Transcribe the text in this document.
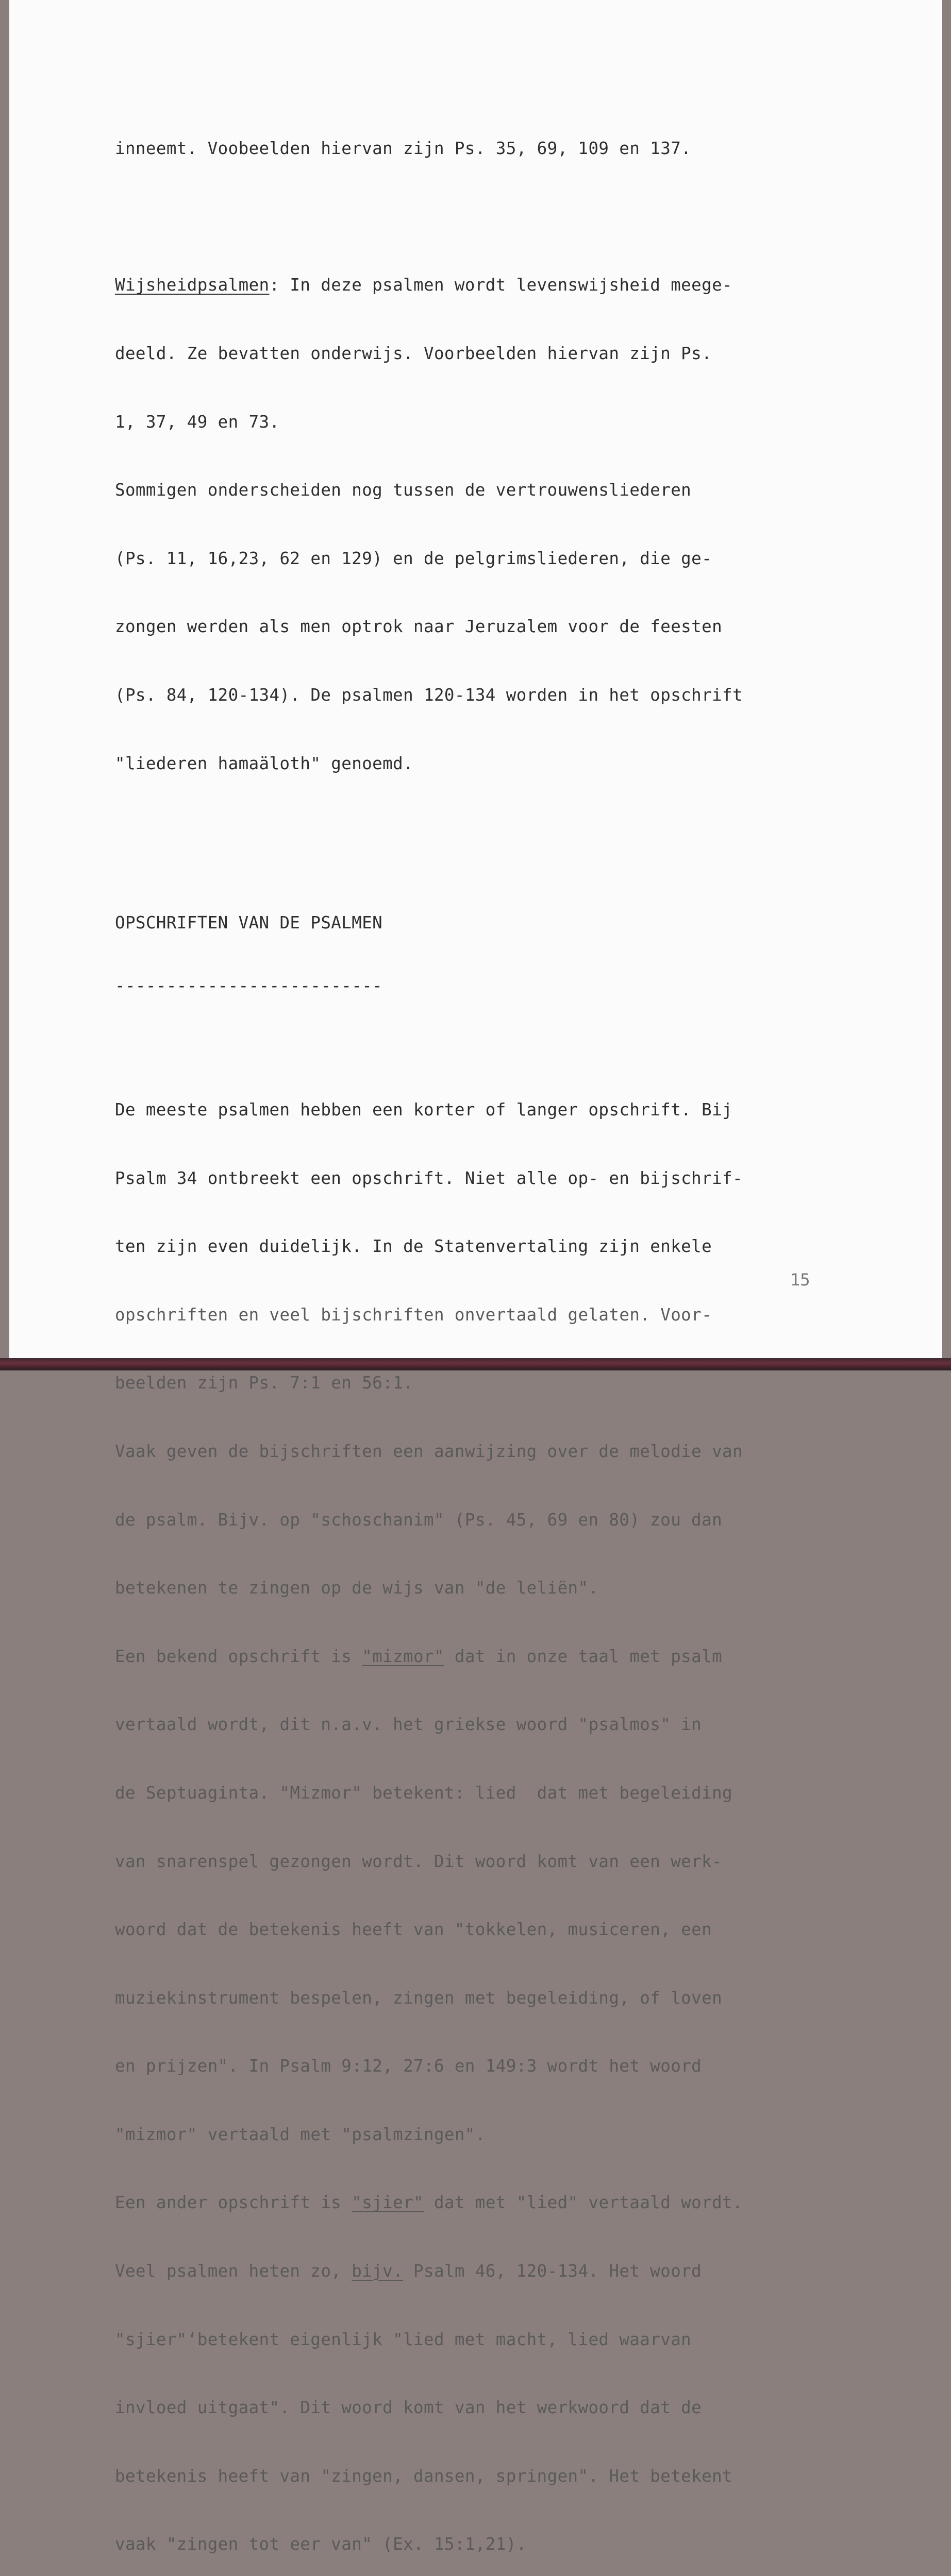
inneemt. Voobeelden hiervan zijn Ps. 35, 69, 109 en 137.

Wijsheidpsalmen: In deze psalmen wordt levenswijsheid meege-

deeld. Ze bevatten onderwijs. Voorbeelden hiervan zijn Ps.

1, 37, 49 en 73.

Sommigen onderscheiden nog tussen de vertrouwensliederen

(Ps. 11, 16,23, 62 en 129) en de pelgrimsliederen, die ge-

zongen werden als men optrok naar Jeruzalem voor de feesten

(Ps. 84, 120-134). De psalmen 120-134 worden in het opschrift

"liederen hamaäloth" genoemd.

OPSCHRIFTEN VAN DE PSALMEN

--------------------------

De meeste psalmen hebben een korter of langer opschrift. Bij

Psalm 34 ontbreekt een opschrift. Niet alle op- en bijschrif-

ten zijn even duidelijk. In de Statenvertaling zijn enkele

opschriften en veel bijschriften onvertaald gelaten. Voor-

beelden zijn Ps. 7:1 en 56:1.

Vaak geven de bijschriften een aanwijzing over de melodie van

de psalm. Bijv. op "schoschanim" (Ps. 45, 69 en 80) zou dan

betekenen te zingen op de wijs van "de leliën".

Een bekend opschrift is "mizmor" dat in onze taal met psalm

vertaald wordt, dit n.a.v. het griekse woord "psalmos" in

de Septuaginta. "Mizmor" betekent: lied  dat met begeleiding

van snarenspel gezongen wordt. Dit woord komt van een werk-

woord dat de betekenis heeft van "tokkelen, musiceren, een

muziekinstrument bespelen, zingen met begeleiding, of loven

en prijzen". In Psalm 9:12, 27:6 en 149:3 wordt het woord

"mizmor" vertaald met "psalmzingen".

Een ander opschrift is "sjier" dat met "lied" vertaald wordt.

Veel psalmen heten zo, bijv. Psalm 46, 120-134. Het woord

"sjier"‘betekent eigenlijk "lied met macht, lied waarvan

invloed uitgaat". Dit woord komt van het werkwoord dat de

betekenis heeft van "zingen, dansen, springen". Het betekent

vaak "zingen tot eer van" (Ex. 15:1,21).

15
